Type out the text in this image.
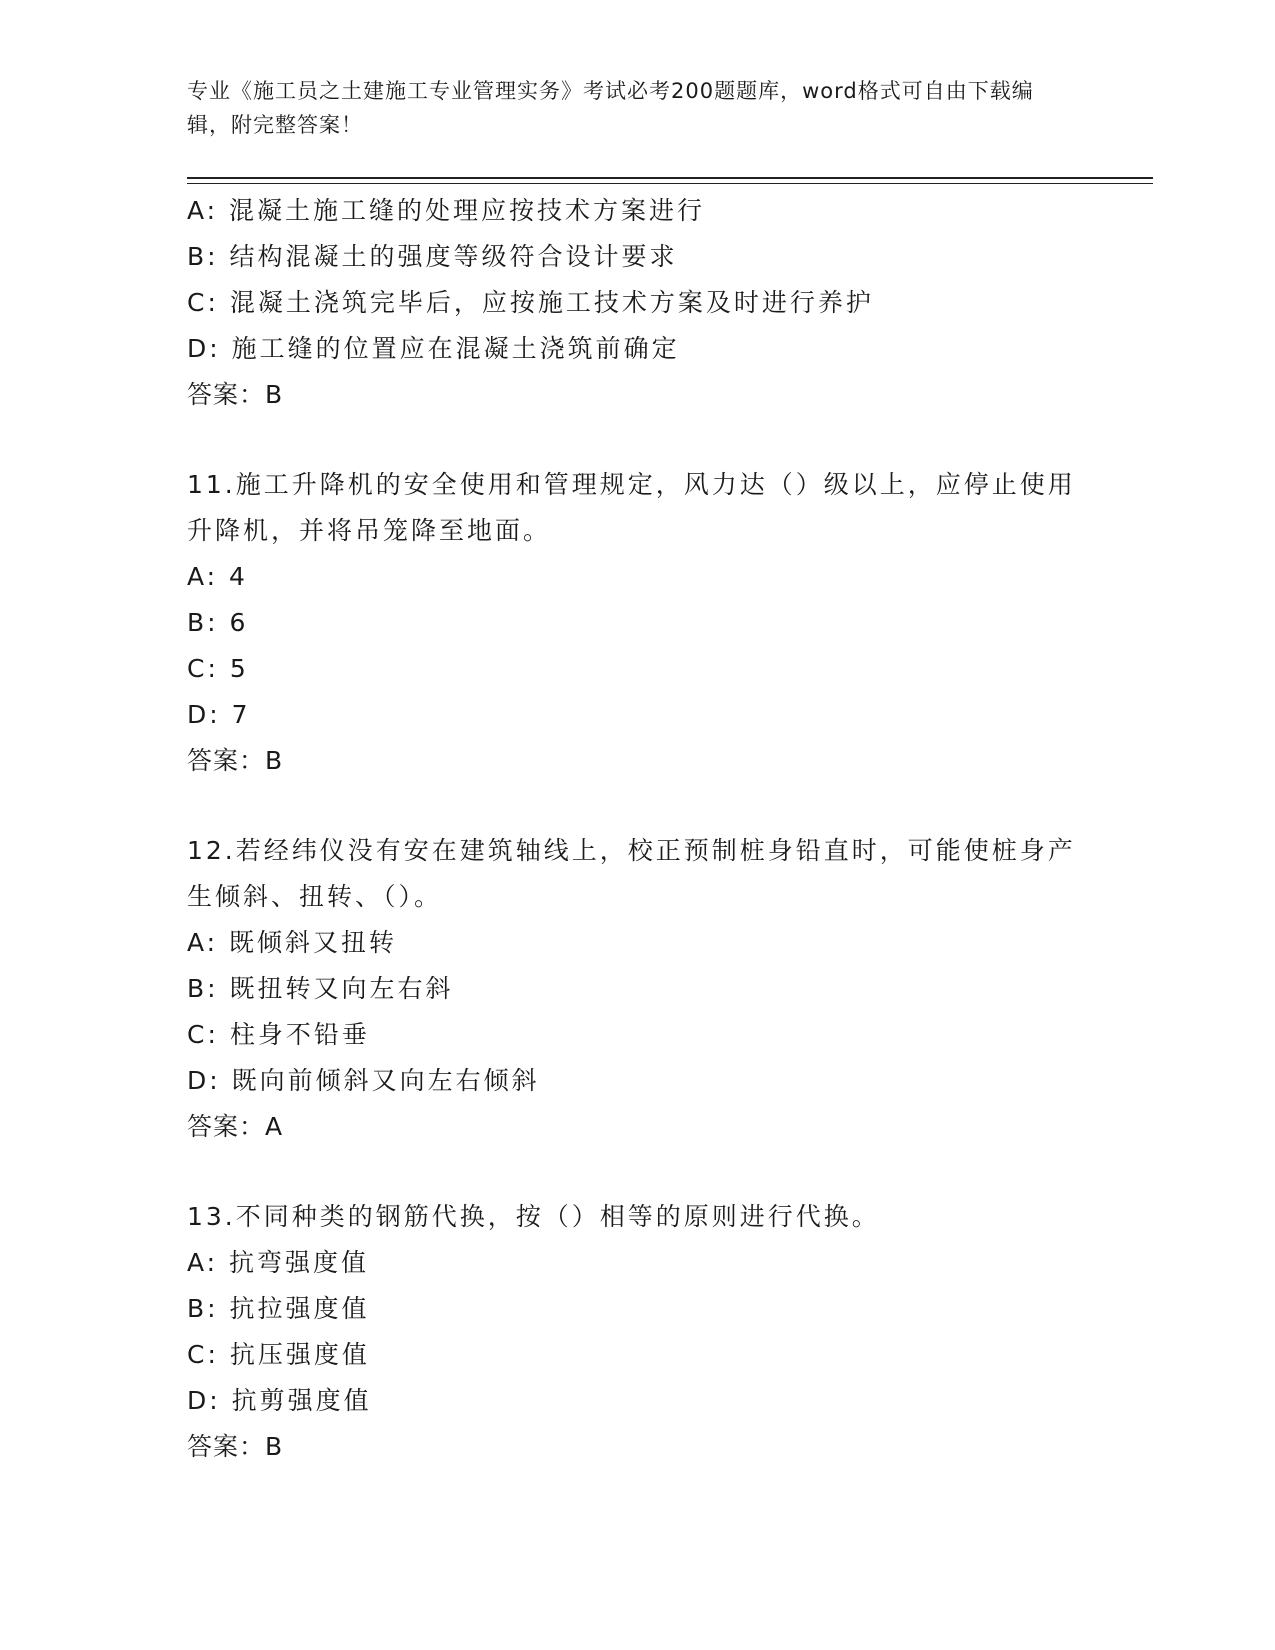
专业《施工员之土建施工专业管理实务》考试必考200题题库，word格式可自由下载编辑，附完整答案！
A: 混凝土施工缝的处理应按技术方案进行
B: 结构混凝土的强度等级符合设计要求
C: 混凝土浇筑完毕后，应按施工技术方案及时进行养护
D: 施工缝的位置应在混凝土浇筑前确定
答案：B
11.施工升降机的安全使用和管理规定，风力达（）级以上，应停止使用升降机，并将吊笼降至地面。
A: 4
B: 6
C: 5
D: 7
答案：B
12.若经纬仪没有安在建筑轴线上，校正预制桩身铅直时，可能使桩身产生倾斜、扭转、（）。
A: 既倾斜又扭转
B: 既扭转又向左右斜
C: 柱身不铅垂
D: 既向前倾斜又向左右倾斜
答案：A
13.不同种类的钢筋代换，按（）相等的原则进行代换。
A: 抗弯强度值
B: 抗拉强度值
C: 抗压强度值
D: 抗剪强度值
答案：B
